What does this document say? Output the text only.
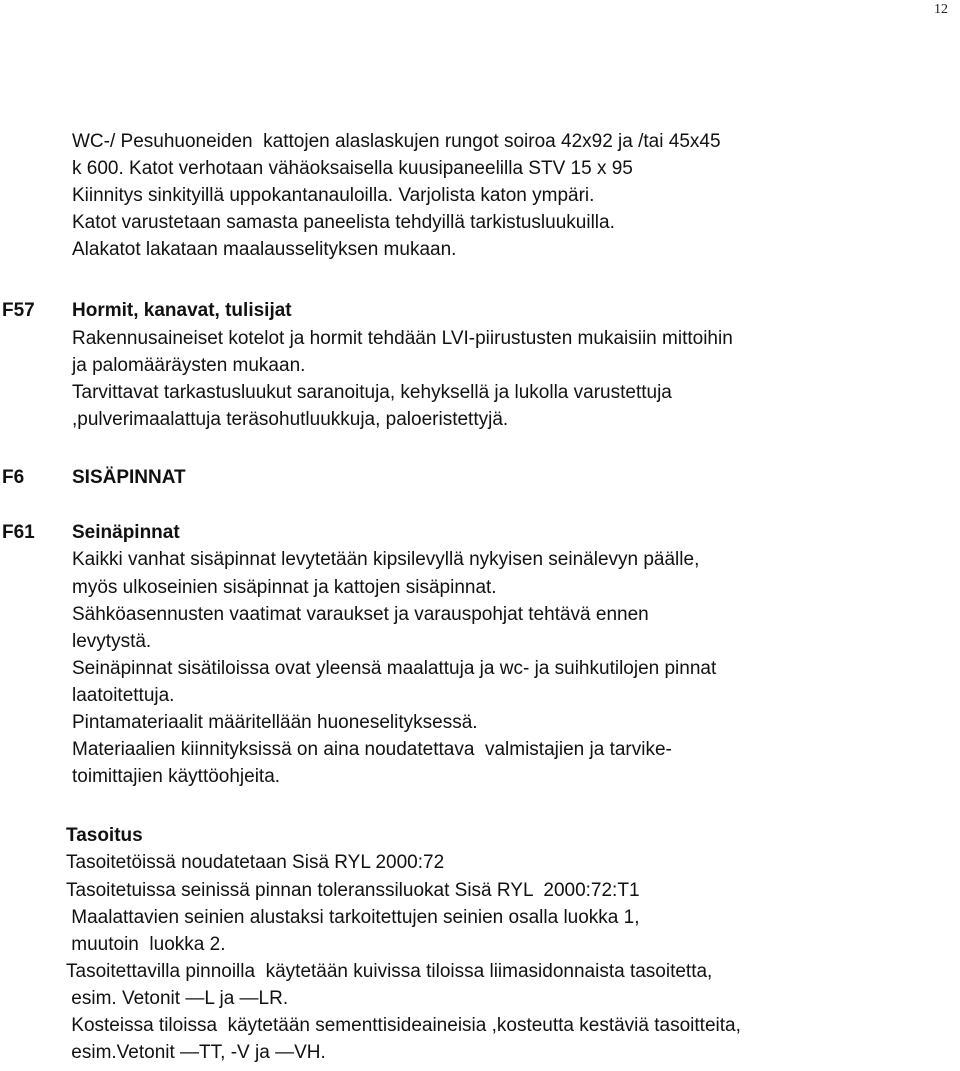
12
WC-/ Pesuhuoneiden  kattojen alaslaskujen rungot soiroa 42x92 ja /tai 45x45
k 600. Katot verhotaan vähäoksaisella kuusipaneelilla STV 15 x 95
Kiinnitys sinkityillä uppokantanauloilla. Varjolista katon ympäri.
Katot varustetaan samasta paneelista tehdyillä tarkistusluukuilla.
Alakatot lakataan maalausselityksen mukaan.
F57 Hormit, kanavat, tulisijat
Rakennusaineiset kotelot ja hormit tehdään LVI-piirustusten mukaisiin mittoihin
ja palomääräysten mukaan.
Tarvittavat tarkastusluukut saranoituja, kehyksellä ja lukolla varustettuja
,pulverimaalattuja teräsohutluukkuja, paloeristettyjä.
F6	SISÄPINNAT
F61 Seinäpinnat
Kaikki vanhat sisäpinnat levytetään kipsilevyllä nykyisen seinälevyn päälle,
myös ulkoseinien sisäpinnat ja kattojen sisäpinnat.
Sähköasennusten vaatimat varaukset ja varauspohjat tehtävä ennen
levytystä.
Seinäpinnat sisätiloissa ovat yleensä maalattuja ja wc- ja suihkutilojen pinnat
laatoitettuja.
Pintamateriaalit määritellään huoneselityksessä.
Materiaalien kiinnityksissä on aina noudatettava  valmistajien ja tarvike-
toimittajien käyttöohjeita.
Tasoitus
Tasoitetöissä noudatetaan Sisä RYL 2000:72
Tasoitetuissa seinissä pinnan toleranssiluokat Sisä RYL  2000:72:T1
Maalattavien seinien alustaksi tarkoitettujen seinien osalla luokka 1,
muutoin  luokka 2.
Tasoitettavilla pinnoilla  käytetään kuivissa tiloissa liimasidonnaista tasoitetta,
esim. Vetonit —L ja —LR.
Kosteissa tiloissa  käytetään sementtisideaineisia ,kosteutta kestäviä tasoitteita,
esim.Vetonit —TT, -V ja —VH.
